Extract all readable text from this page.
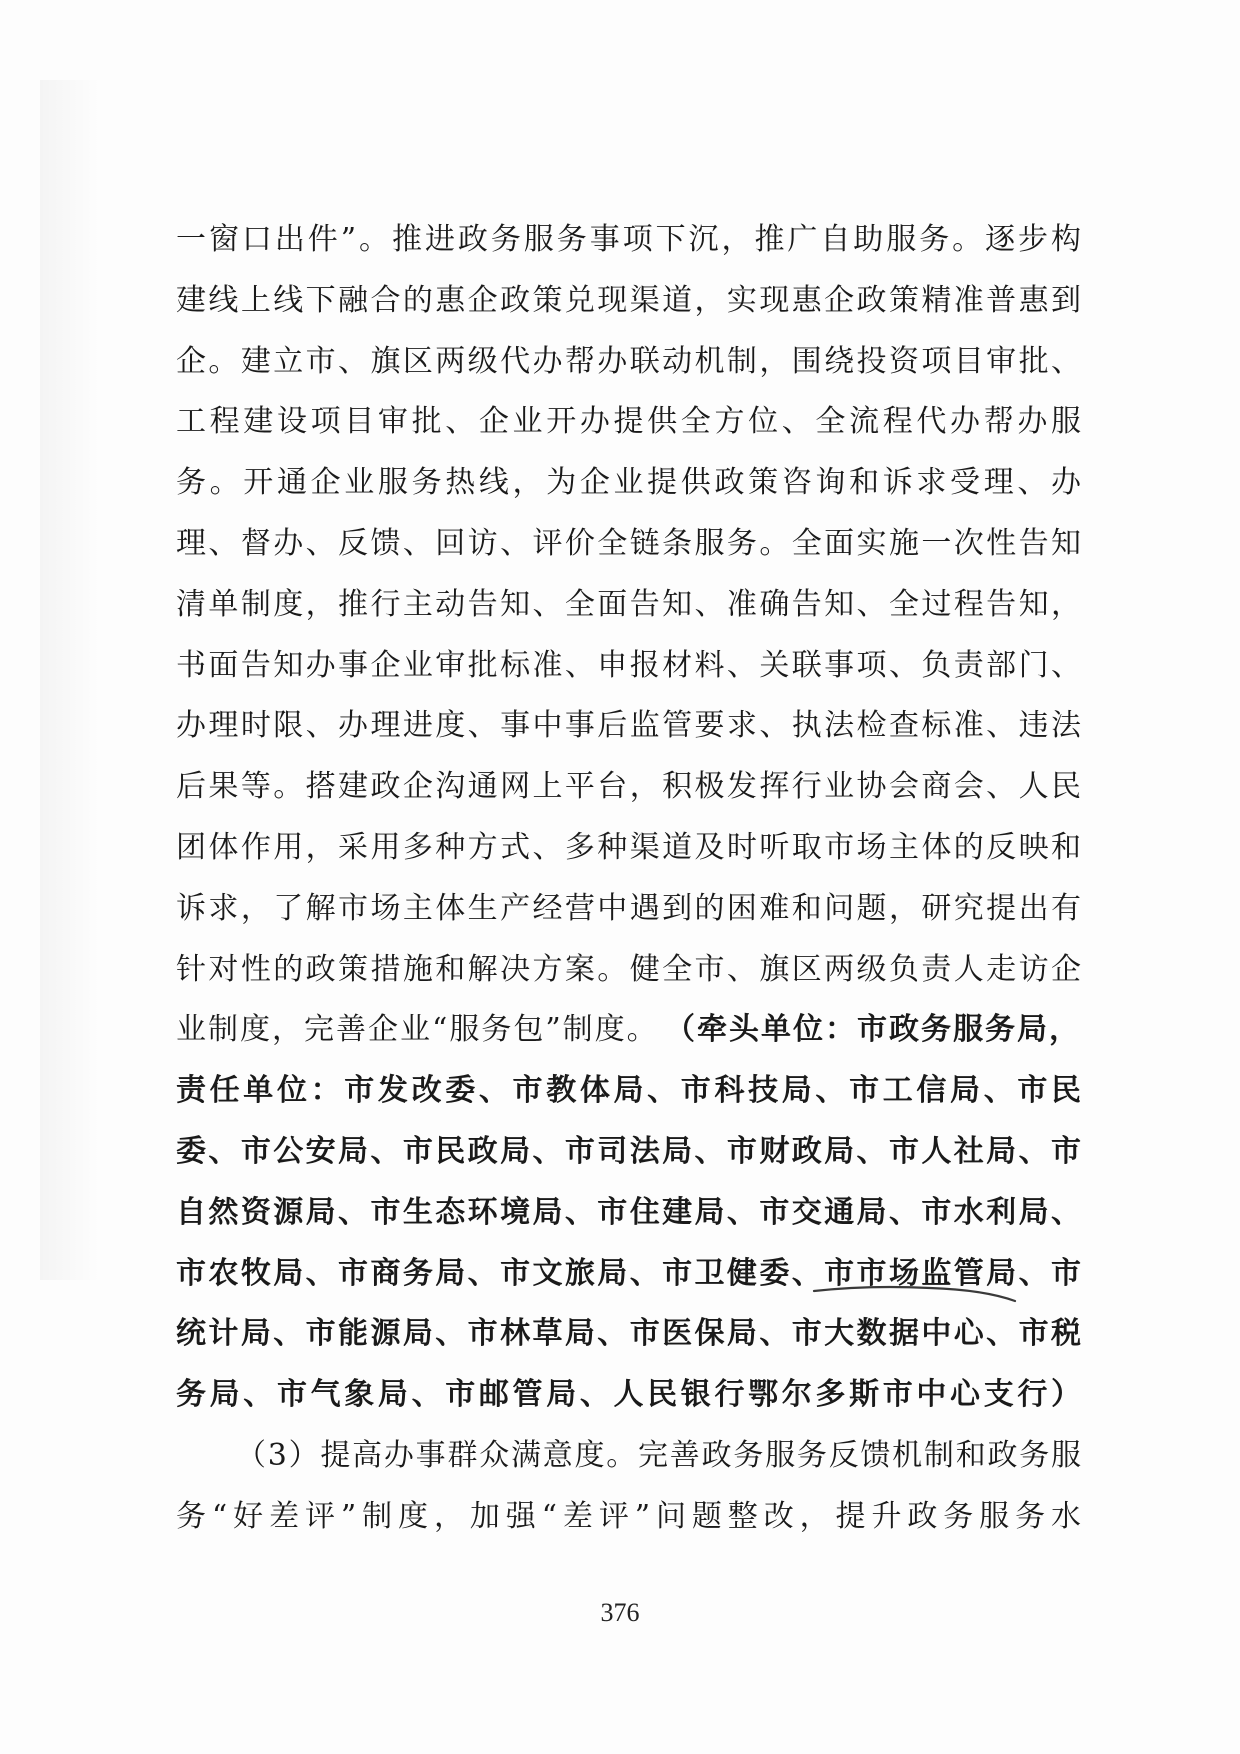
一窗口出件”。推进政务服务事项下沉，推广自助服务。逐步构
建线上线下融合的惠企政策兑现渠道，实现惠企政策精准普惠到
企。建立市、旗区两级代办帮办联动机制，围绕投资项目审批、
工程建设项目审批、企业开办提供全方位、全流程代办帮办服
务。开通企业服务热线，为企业提供政策咨询和诉求受理、办
理、督办、反馈、回访、评价全链条服务。全面实施一次性告知
清单制度，推行主动告知、全面告知、准确告知、全过程告知，
书面告知办事企业审批标准、申报材料、关联事项、负责部门、
办理时限、办理进度、事中事后监管要求、执法检查标准、违法
后果等。搭建政企沟通网上平台，积极发挥行业协会商会、人民
团体作用，采用多种方式、多种渠道及时听取市场主体的反映和
诉求，了解市场主体生产经营中遇到的困难和问题，研究提出有
针对性的政策措施和解决方案。健全市、旗区两级负责人走访企
业制度，完善企业“服务包”制度。 （牵头单位：市政务服务局，
责任单位：市发改委、市教体局、市科技局、市工信局、市民
委、市公安局、市民政局、市司法局、市财政局、市人社局、市
自然资源局、市生态环境局、市住建局、市交通局、市水利局、
市农牧局、市商务局、市文旅局、市卫健委、市市场监管局、市
统计局、市能源局、市林草局、市医保局、市大数据中心、市税
务局、市气象局、市邮管局、人民银行鄂尔多斯市中心支行）
（3）提高办事群众满意度。完善政务服务反馈机制和政务服
务“好差评”制度，加强“差评”问题整改，提升政务服务水
376
